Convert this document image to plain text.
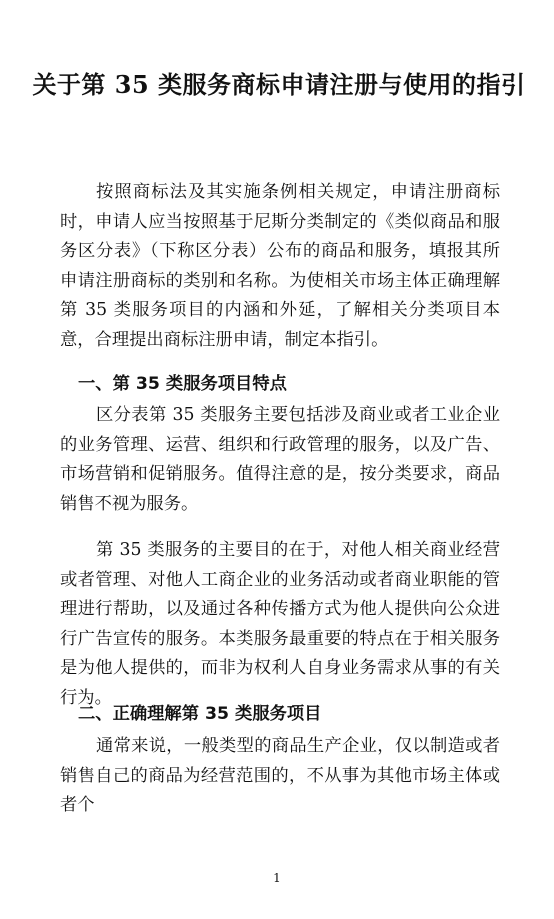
关于第 35 类服务商标申请注册与使用的指引

按照商标法及其实施条例相关规定，申请注册商标时，申请人应当按照基于尼斯分类制定的《类似商品和服务区分表》（下称区分表）公布的商品和服务，填报其所申请注册商标的类别和名称。为使相关市场主体正确理解第 35 类服务项目的内涵和外延，了解相关分类项目本意，合理提出商标注册申请，制定本指引。

一、第 35 类服务项目特点

区分表第 35 类服务主要包括涉及商业或者工业企业的业务管理、运营、组织和行政管理的服务，以及广告、市场营销和促销服务。值得注意的是，按分类要求，商品销售不视为服务。

第 35 类服务的主要目的在于，对他人相关商业经营或者管理、对他人工商企业的业务活动或者商业职能的管理进行帮助，以及通过各种传播方式为他人提供向公众进行广告宣传的服务。本类服务最重要的特点在于相关服务是为他人提供的，而非为权利人自身业务需求从事的有关行为。

二、正确理解第 35 类服务项目

通常来说，一般类型的商品生产企业，仅以制造或者销售自己的商品为经营范围的，不从事为其他市场主体或者个

1
